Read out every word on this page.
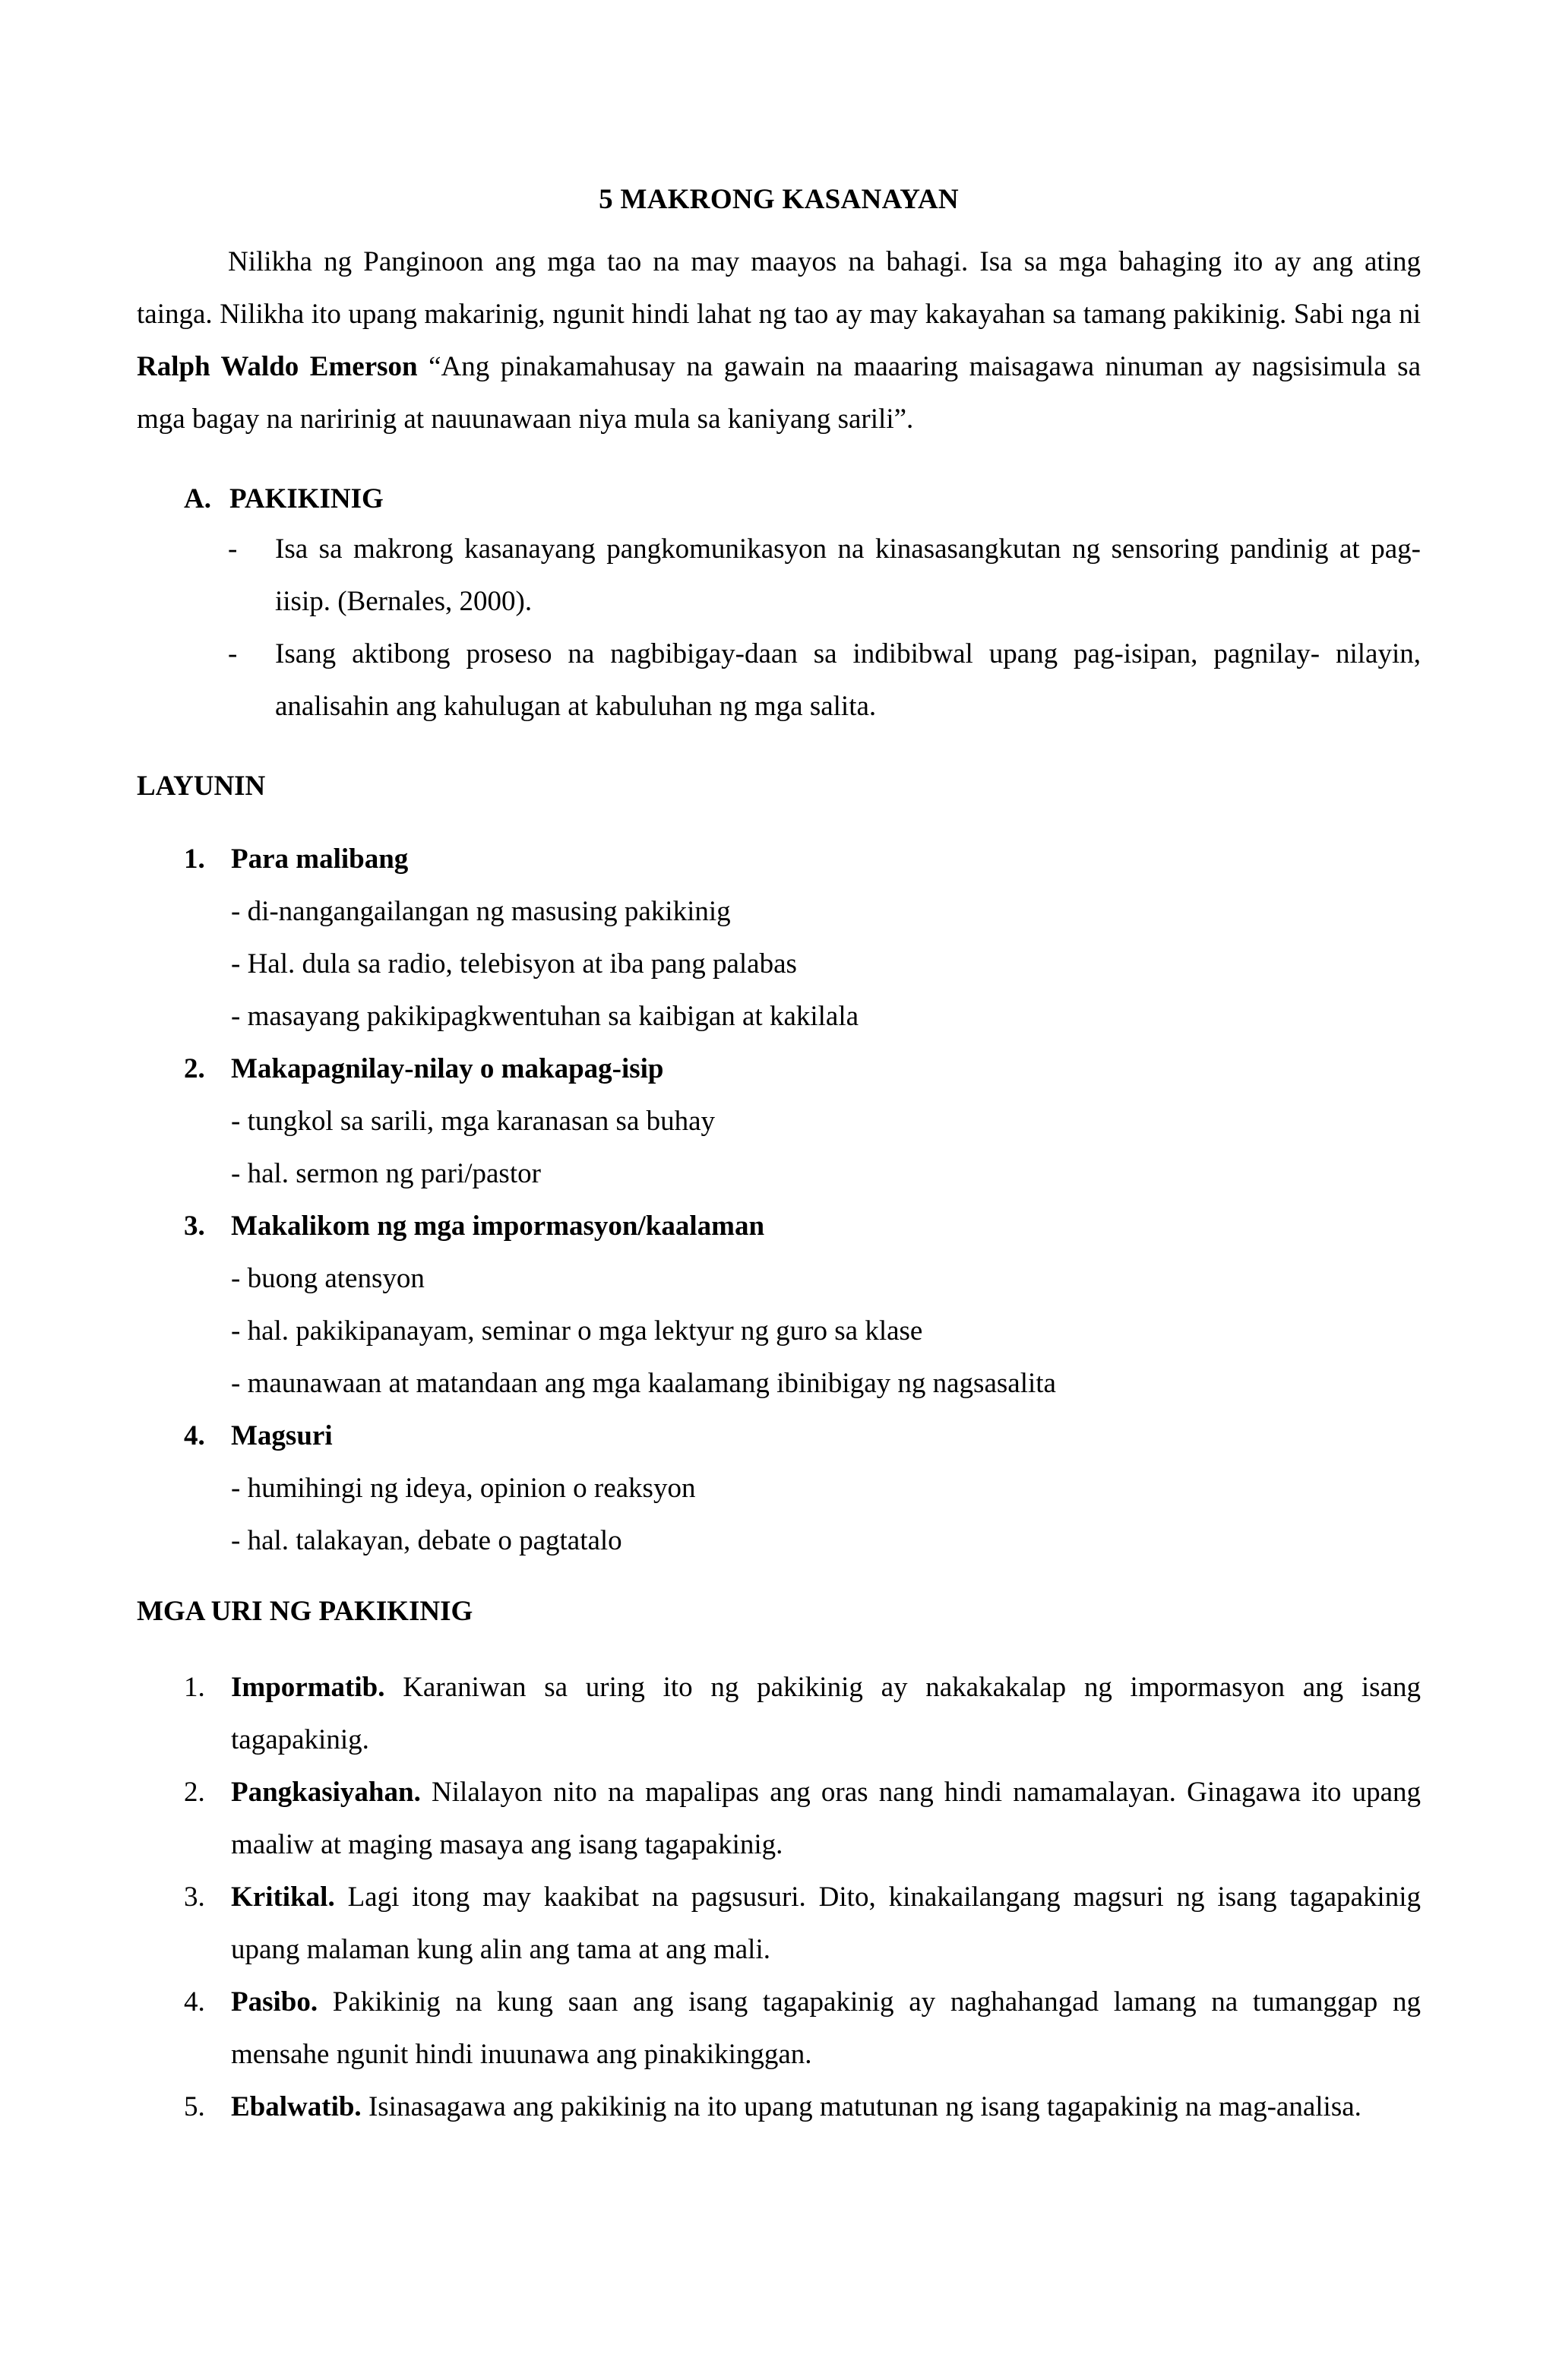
5 MAKRONG KASANAYAN

Nilikha ng Panginoon ang mga tao na may maayos na bahagi. Isa sa mga bahaging ito ay ang ating tainga. Nilikha ito upang makarinig, ngunit hindi lahat ng tao ay may kakayahan sa tamang pakikinig. Sabi nga ni Ralph Waldo Emerson “Ang pinakamahusay na gawain na maaaring maisagawa ninuman ay nagsisimula sa mga bagay na naririnig at nauunawaan niya mula sa kaniyang sarili”.

A. PAKIKINIG
- Isa sa makrong kasanayang pangkomunikasyon na kinasasangkutan ng sensoring pandinig at pag-iisip. (Bernales, 2000).
- Isang aktibong proseso na nagbibigay-daan sa indibibwal upang pag-isipan, pagnilay- nilayin, analisahin ang kahulugan at kabuluhan ng mga salita.
LAYUNIN
1. Para malibang
- di-nangangailangan ng masusing pakikinig
- Hal. dula sa radio, telebisyon at iba pang palabas
- masayang pakikipagkwentuhan sa kaibigan at kakilala
2. Makapagnilay-nilay o makapag-isip
- tungkol sa sarili, mga karanasan sa buhay
- hal. sermon ng pari/pastor
3. Makalikom ng mga impormasyon/kaalaman
- buong atensyon
- hal. pakikipanayam, seminar o mga lektyur ng guro sa klase
- maunawaan at matandaan ang mga kaalamang ibinibigay ng nagsasalita
4. Magsuri
- humihingi ng ideya, opinion o reaksyon
- hal. talakayan, debate o pagtatalo
MGA URI NG PAKIKINIG
1. Impormatib. Karaniwan sa uring ito ng pakikinig ay nakakakalap ng impormasyon ang isang tagapakinig.
2. Pangkasiyahan. Nilalayon nito na mapalipas ang oras nang hindi namamalayan. Ginagawa ito upang maaliw at maging masaya ang isang tagapakinig.
3. Kritikal. Lagi itong may kaakibat na pagsusuri. Dito, kinakailangang magsuri ng isang tagapakinig upang malaman kung alin ang tama at ang mali.
4. Pasibo. Pakikinig na kung saan ang isang tagapakinig ay naghahangad lamang na tumanggap ng mensahe ngunit hindi inuunawa ang pinakikinggan.
5. Ebalwatib. Isinasagawa ang pakikinig na ito upang matutunan ng isang tagapakinig na mag-analisa.
